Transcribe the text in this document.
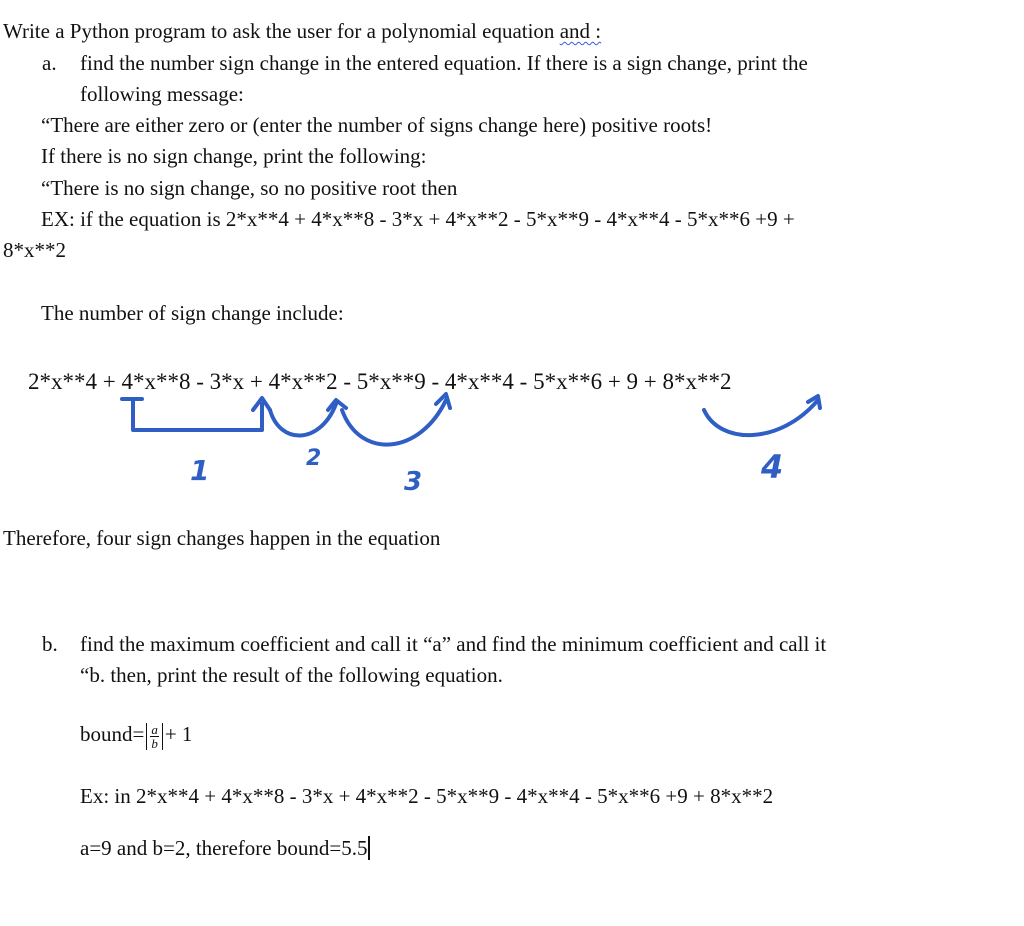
Write a Python program to ask the user for a polynomial equation and :
a. find the number sign change in the entered equation. If there is a sign change, print the
following message:
“There are either zero or (enter the number of signs change here) positive roots!
If there is no sign change, print the following:
“There is no sign change, so no positive root then
EX: if the equation is 2*x**4 + 4*x**8 - 3*x + 4*x**2 - 5*x**9 - 4*x**4 - 5*x**6 +9 +
8*x**2
The number of sign change include:
2*x**4 + 4*x**8 - 3*x + 4*x**2 - 5*x**9 - 4*x**4 - 5*x**6 + 9 + 8*x**2
1	2
3	4
Therefore, four sign changes happen in the equation
b. find the maximum coefficient and call it “a” and find the minimum coefficient and call it
“b. then, print the result of the following equation.
bound= $\frac{a}{b} + 1$
Ex: in 2*x**4 + 4*x**8 - 3*x + 4*x**2 - 5*x**9 - 4*x**4 - 5*x**6 +9 + 8*x**2
a=9 and b=2, therefore bound=5.5
